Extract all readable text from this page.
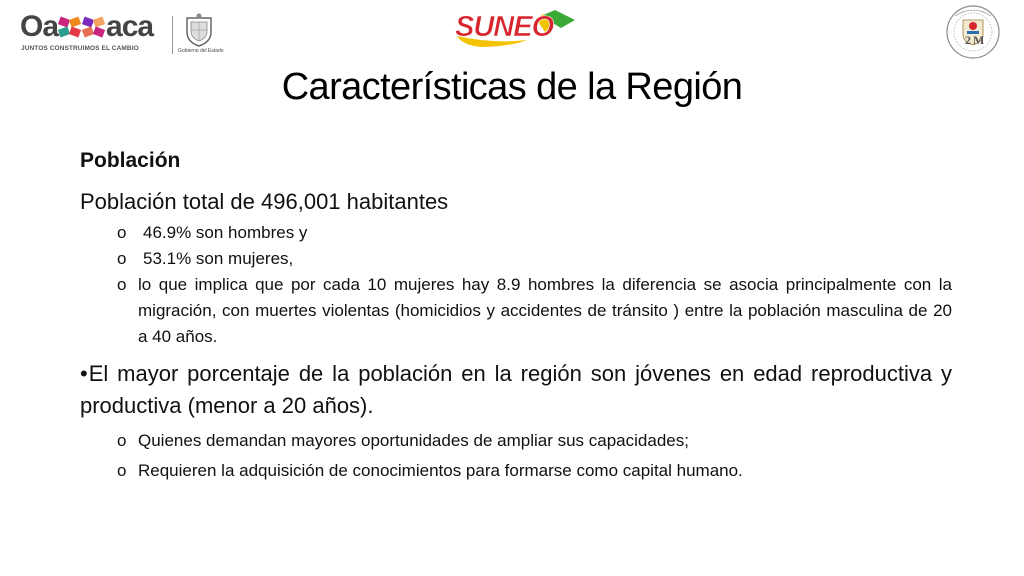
Oa aca
JUNTOS CONSTRUIMOS EL CAMBIO	Gobierno del Estado
SUNEO	2 M
Características de la Región

Población

Población total de 496,001 habitantes

o 46.9% son hombres y
o 53.1% son mujeres,
o lo que implica que por cada 10 mujeres hay 8.9 hombres la diferencia se asocia principalmente con la migración, con muertes violentas (homicidios y accidentes de tránsito ) entre la población masculina de 20 a 40 años.

•El mayor porcentaje de la población en la región son jóvenes en edad reproductiva y productiva (menor a 20 años).

o Quienes demandan mayores oportunidades de ampliar sus capacidades;
o Requieren la adquisición de conocimientos para formarse como capital humano.
